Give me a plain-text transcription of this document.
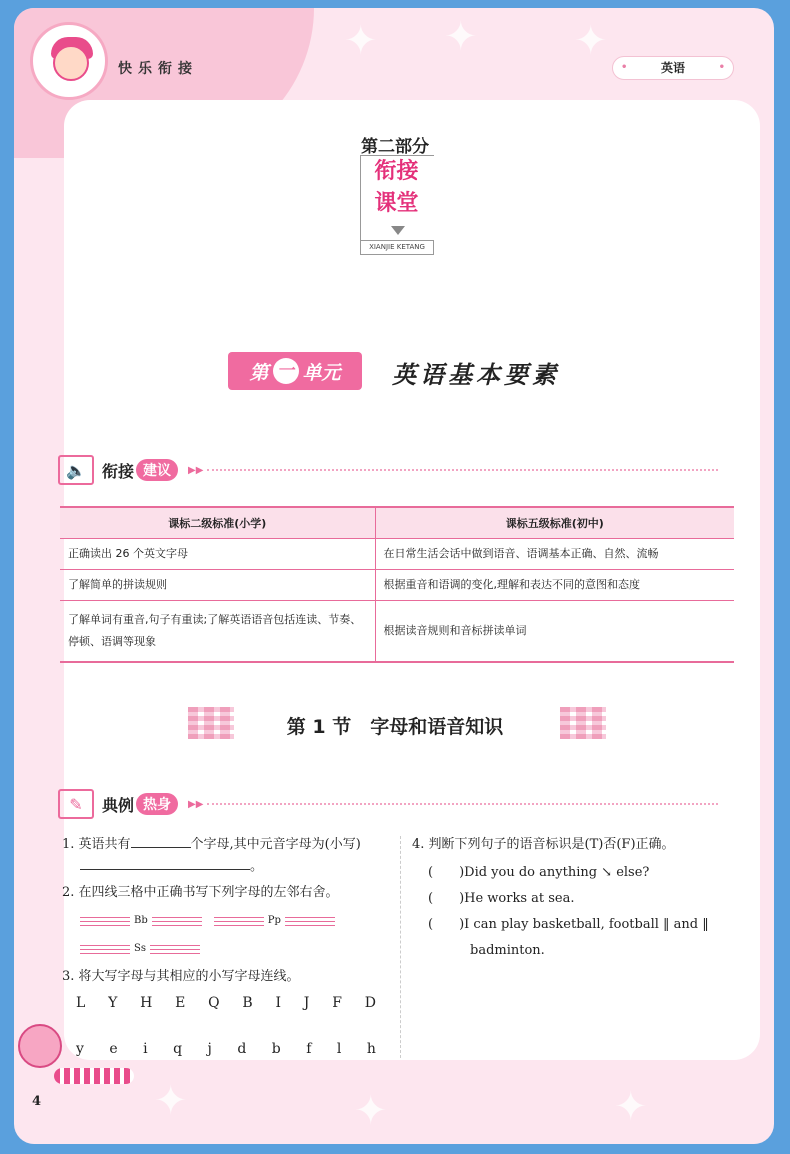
✦ ✦ ✦
✦	✦	✦
快乐衔接	• 英语 •
第二部分
衔接
课堂
XIANJIE KETANG
第 一 单元 英语基本要素
🔈	衔接 建议	▶▶
课标二级标准(小学)	课标五级标准(初中)
正确读出 26 个英文字母	在日常生活会话中做到语音、语调基本正确、自然、流畅
了解简单的拼读规则	根据重音和语调的变化,理解和表达不同的意图和态度
了解单词有重音,句子有重读;了解英语语音包括连读、节奏、停顿、语调等现象	根据读音规则和音标拼读单词
第 1 节　字母和语音知识
✎	典例 热身	▶▶
1. 英语共有	个字母,其中元音字母为(小写)。
2. 在四线三格中正确书写下列字母的左邻右舍。
Bb	Pp
Ss
3. 将大写字母与其相应的小写字母连线。
L Y H E Q B I J F D
y e i q j d b f l h
4. 判断下列句子的语音标识是(T)否(F)正确。
(　　)Did you do anything ↘ else?
(　　)He works at sea.
(　　)I can play basketball, football ‖ and ‖
badminton.
4
